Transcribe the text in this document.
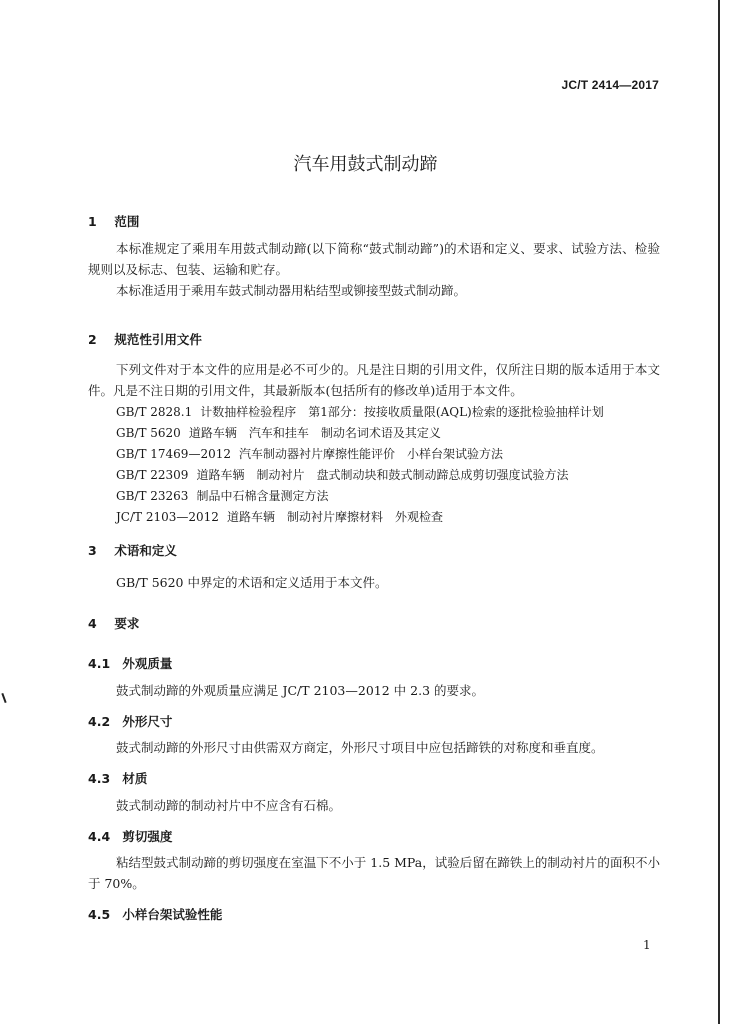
JC/T 2414—2017
汽车用鼓式制动蹄
1 范围

本标准规定了乘用车用鼓式制动蹄(以下简称“鼓式制动蹄”)的术语和定义、要求、试验方法、检验规则以及标志、包装、运输和贮存。

本标准适用于乘用车鼓式制动器用粘结型或铆接型鼓式制动蹄。

2 规范性引用文件

下列文件对于本文件的应用是必不可少的。凡是注日期的引用文件，仅所注日期的版本适用于本文件。凡是不注日期的引用文件，其最新版本(包括所有的修改单)适用于本文件。

GB/T 2828.1 计数抽样检验程序　第1部分：按接收质量限(AQL)检索的逐批检验抽样计划
GB/T 5620 道路车辆　汽车和挂车　制动名词术语及其定义
GB/T 17469—2012 汽车制动器衬片摩擦性能评价　小样台架试验方法
GB/T 22309 道路车辆　制动衬片　盘式制动块和鼓式制动蹄总成剪切强度试验方法
GB/T 23263 制品中石棉含量测定方法
JC/T 2103—2012 道路车辆　制动衬片摩擦材料　外观检查
3 术语和定义

GB/T 5620 中界定的术语和定义适用于本文件。

4 要求
4.1 外观质量

鼓式制动蹄的外观质量应满足 JC/T 2103—2012 中 2.3 的要求。

4.2 外形尺寸

鼓式制动蹄的外形尺寸由供需双方商定，外形尺寸项目中应包括蹄铁的对称度和垂直度。

4.3 材质

鼓式制动蹄的制动衬片中不应含有石棉。

4.4 剪切强度

粘结型鼓式制动蹄的剪切强度在室温下不小于 1.5 MPa，试验后留在蹄铁上的制动衬片的面积不小于 70%。

4.5 小样台架试验性能
1
